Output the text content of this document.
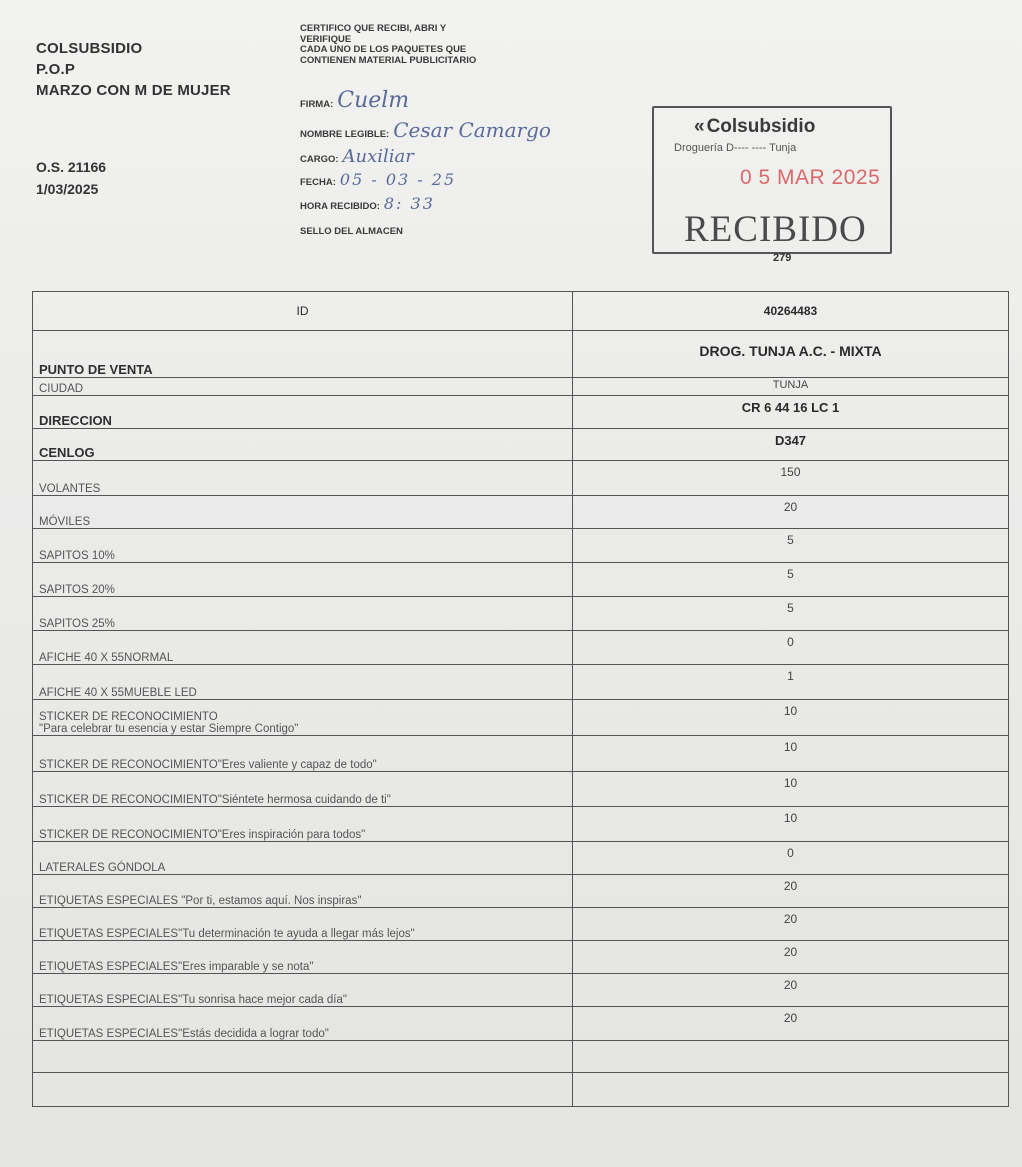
COLSUBSIDIO
P.O.P
MARZO CON M DE MUJER
O.S. 21166
1/03/2025
CERTIFICO QUE RECIBI, ABRI Y
VERIFIQUE
CADA UNO DE LOS PAQUETES QUE
CONTIENEN MATERIAL PUBLICITARIO
FIRMA: Cuelm
NOMBRE LEGIBLE: Cesar Camargo
CARGO: Auxiliar
FECHA: 05 - 03 - 25
HORA RECIBIDO: 8: 33
SELLO DEL ALMACEN
« Colsubsidio
Droguería D---- ---- Tunja
0 5 MAR 2025
RECIBIDO
279
ID	40264483

PUNTO DE VENTA	DROG. TUNJA A.C. - MIXTA

CIUDAD	TUNJA

DIRECCION	CR 6 44 16 LC 1

CENLOG	D347

VOLANTES	150

MÓVILES	20

SAPITOS 10%	5

SAPITOS 20%	5

SAPITOS 25%	5

AFICHE 40 X 55NORMAL	0

AFICHE 40 X 55MUEBLE LED	1

STICKER DE RECONOCIMIENTO
"Para celebrar tu esencia y estar Siempre Contigo"	10

STICKER DE RECONOCIMIENTO"Eres valiente y capaz de todo"	10

STICKER DE RECONOCIMIENTO"Siéntete hermosa cuidando de ti"	10

STICKER DE RECONOCIMIENTO"Eres inspiración para todos"	10

LATERALES GÓNDOLA	0

ETIQUETAS ESPECIALES "Por ti, estamos aquí. Nos inspiras"	20

ETIQUETAS ESPECIALES"Tu determinación te ayuda a llegar más lejos"	20

ETIQUETAS ESPECIALES"Eres imparable y se nota"	20

ETIQUETAS ESPECIALES"Tu sonrisa hace mejor cada día"	20

ETIQUETAS ESPECIALES"Estás decidida a lograr todo"	20
